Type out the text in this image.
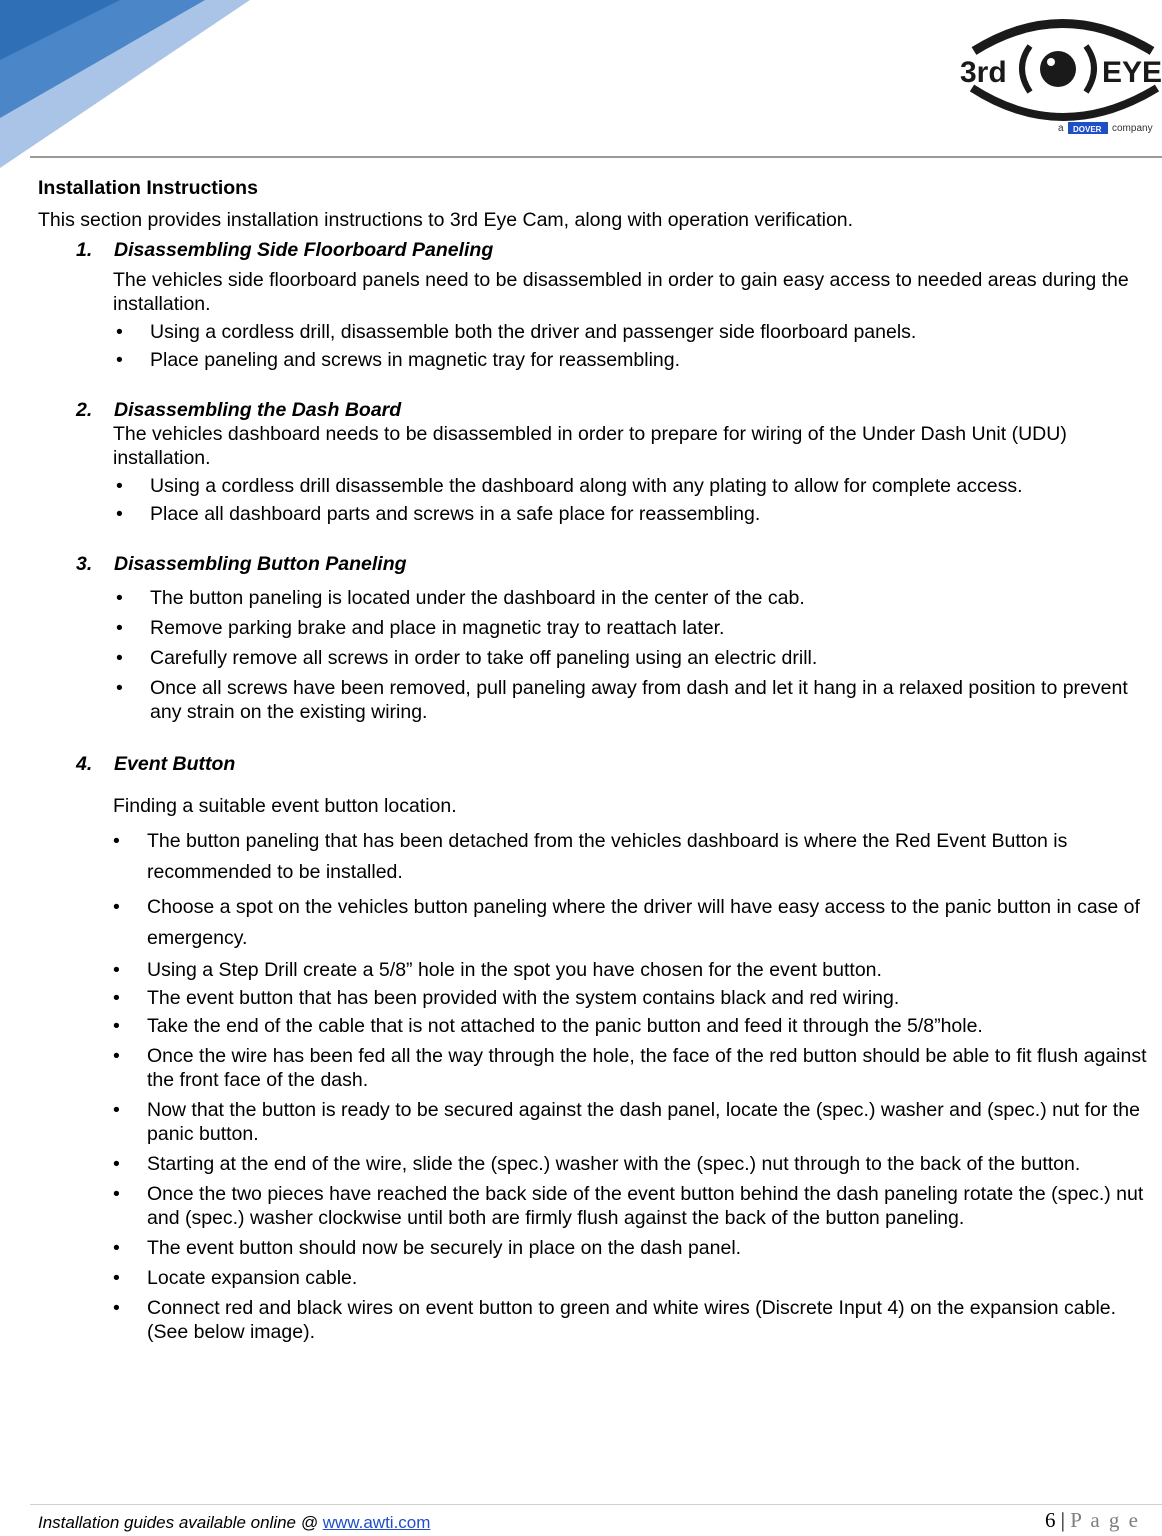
3rd	EYE
a DOVER company
Installation Instructions
This section provides installation instructions to 3rd Eye Cam, along with operation verification.
1. Disassembling Side Floorboard Paneling
The vehicles side floorboard panels need to be disassembled in order to gain easy access to needed areas during the installation.
• Using a cordless drill, disassemble both the driver and passenger side floorboard panels.
• Place paneling and screws in magnetic tray for reassembling.
2. Disassembling the Dash Board
The vehicles dashboard needs to be disassembled in order to prepare for wiring of the Under Dash Unit (UDU) installation.
• Using a cordless drill disassemble the dashboard along with any plating to allow for complete access.
• Place all dashboard parts and screws in a safe place for reassembling.
3. Disassembling Button Paneling
• The button paneling is located under the dashboard in the center of the cab.
• Remove parking brake and place in magnetic tray to reattach later.
• Carefully remove all screws in order to take off paneling using an electric drill.
• Once all screws have been removed, pull paneling away from dash and let it hang in a relaxed position to prevent any strain on the existing wiring.
4. Event Button
Finding a suitable event button location.
• The button paneling that has been detached from the vehicles dashboard is where the Red Event Button is recommended to be installed.
• Choose a spot on the vehicles button paneling where the driver will have easy access to the panic button in case of emergency.
• Using a Step Drill create a 5/8” hole in the spot you have chosen for the event button.
• The event button that has been provided with the system contains black and red wiring.
• Take the end of the cable that is not attached to the panic button and feed it through the 5/8”hole.
• Once the wire has been fed all the way through the hole, the face of the red button should be able to fit flush against the front face of the dash.
• Now that the button is ready to be secured against the dash panel, locate the (spec.) washer and (spec.) nut for the panic button.
• Starting at the end of the wire, slide the (spec.) washer with the (spec.) nut through to the back of the button.
• Once the two pieces have reached the back side of the event button behind the dash paneling rotate the (spec.) nut and (spec.) washer clockwise until both are firmly flush against the back of the button paneling.
• The event button should now be securely in place on the dash panel.
• Locate expansion cable.
• Connect red and black wires on event button to green and white wires (Discrete Input 4) on the expansion cable. (See below image).
Installation guides available online @ www.awti.com	6 | P a g e
